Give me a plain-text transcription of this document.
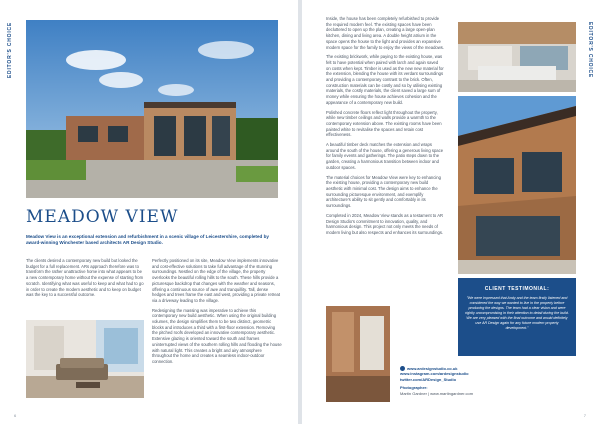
EDITOR'S CHOICE
MEADOW VIEW

Meadow View is an exceptional extension and refurbishment in a scenic village of Leicestershire, completed by award-winning Winchester based architects AR Design Studio.

The clients desired a contemporary new build but looked the budget for a full replacement. ARs approach therefore was to transform the rather unattractive home into what appears to be a new contemporary home without the expense of starting from scratch. Identifying what was useful to keep and what had to go in order to create the modern aesthetic and to keep on budget was the key to a successful outcome.

Perfectly positioned on its site, Meadow View implements innovative and cost-effective solutions to take full advantage of the stunning surroundings. Nestled on the edge of the village, the property overlooks the beautiful rolling hills to the south. These hills provide a picturesque backdrop that changes with the weather and seasons, offering a continuous source of awe and tranquillity. Tall, dense hedges and trees frame the east and west, providing a private retreat via a driveway leading to the village.

Redesigning the massing was imperative to achieve this contemporary new build aesthetic. When using the original building volumes, the design simplifies them to be two distinct, geometric blocks and introduces a third with a first-floor extension. Removing the pitched roofs developed an innovative contemporary aesthetic. Extensive glazing is oriented toward the south and frames uninterrupted views of the southern rolling hills and flooding the house with natural light. This creates a bright and airy atmosphere throughout the home and creates a seamless indoor-outdoor connection.

6
EDITOR'S CHOICE

Inside, the house has been completely refurbished to provide the required modern feel. The existing spaces have been decluttered to open up the plan, creating a large open-plan kitchen, dining and living area. A double height atrium in the space opens the house to the light and provides an expansive modern space for the family to enjoy the views of the meadows.

The existing brickwork, while paying to the existing house, was felt to have potential when paired with larch and again saved on costs when kept. Timber is used as the new new material for the extension, blending the house with its verdant surroundings and providing a contemporary contrast to the brick. Often, construction materials can be costly and so by utilising existing materials, the costly materials, the client saved a large sum of money while ensuring the house achieves cohesion and the appearance of a contemporary new build.

Polished concrete floors reflect light throughout the property, while new timber ceilings and walls provide a warmth to the contemporary extension above. The existing rooms have been painted white to revitalise the spaces and retain cost effectiveness.

A beautiful timber deck matches the extension and wraps around the south of the house, offering a generous living space for family events and gatherings. The patio steps down to the garden, creating a harmonious transition between indoor and outdoor spaces.

The material choices for Meadow View were key to enhancing the existing house, providing a contemporary new build aesthetic with minimal cost. The design aims to enhance the surrounding picturesque environment, and exemplify architecture's ability to sit gently and comfortably in its surroundings.

Completed in 2024, Meadow View stands as a testament to AR Design Studio's commitment to innovation, quality, and harmonious design. This project not only meets the needs of modern living but also respects and enhances its surroundings.

CLIENT TESTIMONIAL:
"We were impressed that Andy and the team firstly listened and considered the way we wanted to live in the property before producing the designs. The team had a clear vision and were rightly uncompromising in their attention to detail during the build. We are very pleased with the final outcome and would definitely use AR Design again for any future modern property development."
www.ardesignstudio.co.uk
www.instagram.com/ardesignstudio
twitter.com/ARDesign_Studio
Photographer:
Martin Gardner | www.martingardner.com
7
